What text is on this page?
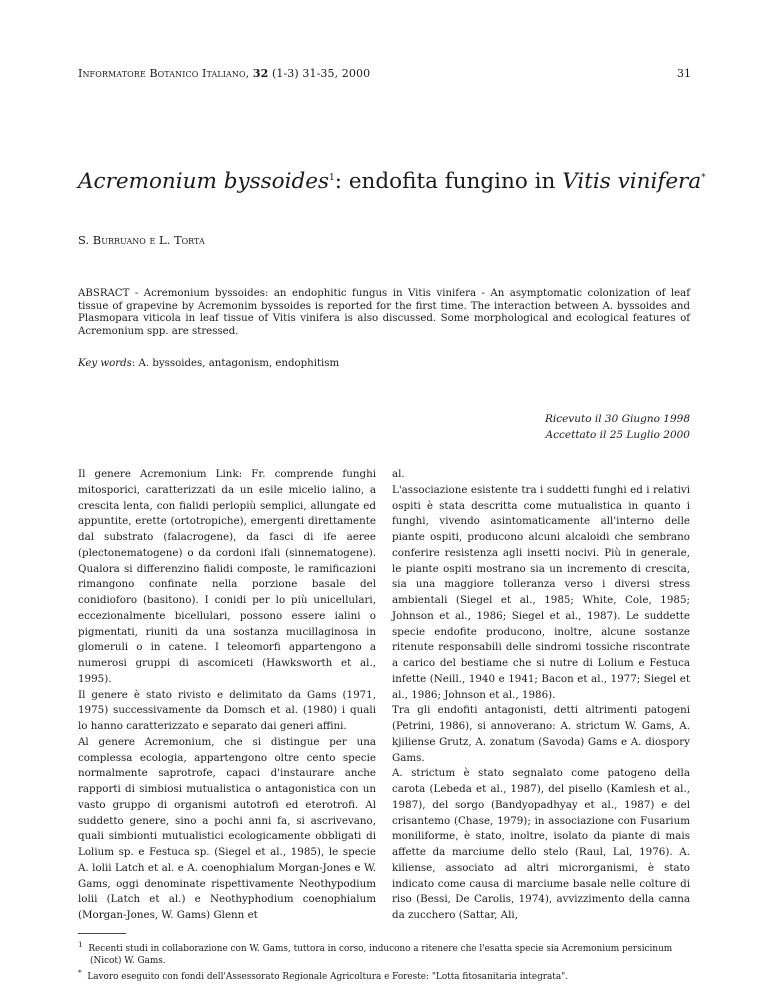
Informatore Botanico Italiano, 32 (1-3) 31-35, 2000	31
Acremonium byssoides$^1$: endofita fungino in Vitis vinifera*
S. Burruano e L. Torta
ABSRACT - Acremonium byssoides: an endophitic fungus in Vitis vinifera - An asymptomatic colonization of leaf tissue of grapevine by Acremonim byssoides is reported for the first time. The interaction between A. byssoides and Plasmopara viticola in leaf tissue of Vitis vinifera is also discussed. Some morphological and ecological features of Acremonium spp. are stressed.
Key words: A. byssoides, antagonism, endophitism
Ricevuto il 30 Giugno 1998
Accettato il 25 Luglio 2000

Il genere Acremonium Link: Fr. comprende funghi mitosporici, caratterizzati da un esile micelio ialino, a crescita lenta, con fialidi perlopiù semplici, allungate ed appuntite, erette (ortotropiche), emergenti direttamente dal substrato (falacrogene), da fasci di ife aeree (plectonematogene) o da cordoni ifali (sinnematogene). Qualora si differenzino fialidi composte, le ramificazioni rimangono confinate nella porzione basale del conidioforo (basitono). I conidi per lo più unicellulari, eccezionalmente bicellulari, possono essere ialini o pigmentati, riuniti da una sostanza mucillaginosa in glomeruli o in catene. I teleomorfi appartengono a numerosi gruppi di ascomiceti (Hawksworth et al., 1995).

Il genere è stato rivisto e delimitato da Gams (1971, 1975) successivamente da Domsch et al. (1980) i quali lo hanno caratterizzato e separato dai generi affini.

Al genere Acremonium, che si distingue per una complessa ecologia, appartengono oltre cento specie normalmente saprotrofe, capaci d'instaurare anche rapporti di simbiosi mutualistica o antagonistica con un vasto gruppo di organismi autotrofi ed eterotrofi. Al suddetto genere, sino a pochi anni fa, si ascrivevano, quali simbionti mutualistici ecologicamente obbligati di Lolium sp. e Festuca sp. (Siegel et al., 1985), le specie A. lolii Latch et al. e A. coenophialum Morgan-Jones e W. Gams, oggi denominate rispettivamente Neothypodium lolii (Latch et al.) e Neothyphodium coenophialum (Morgan-Jones, W. Gams) Glenn et

al.

L'associazione esistente tra i suddetti funghi ed i relativi ospiti è stata descritta come mutualistica in quanto i funghi, vivendo asintomaticamente all'interno delle piante ospiti, producono alcuni alcaloidi che sembrano conferire resistenza agli insetti nocivi. Più in generale, le piante ospiti mostrano sia un incremento di crescita, sia una maggiore tolleranza verso i diversi stress ambientali (Siegel et al., 1985; White, Cole, 1985; Johnson et al., 1986; Siegel et al., 1987). Le suddette specie endofite producono, inoltre, alcune sostanze ritenute responsabili delle sindromi tossiche riscontrate a carico del bestiame che si nutre di Lolium e Festuca infette (Neill., 1940 e 1941; Bacon et al., 1977; Siegel et al., 1986; Johnson et al., 1986).

Tra gli endofiti antagonisti, detti altrimenti patogeni (Petrini, 1986), si annoverano: A. strictum W. Gams, A. kjiliense Grutz, A. zonatum (Savoda) Gams e A. diospory Gams.

A. strictum è stato segnalato come patogeno della carota (Lebeda et al., 1987), del pisello (Kamlesh et al., 1987), del sorgo (Bandyopadhyay et al., 1987) e del crisantemo (Chase, 1979); in associazione con Fusarium moniliforme, è stato, inoltre, isolato da piante di mais affette da marciume dello stelo (Raul, Lal, 1976). A. kiliense, associato ad altri microrganismi, è stato indicato come causa di marciume basale nelle colture di riso (Bessi, De Carolis, 1974), avvizzimento della canna da zucchero (Sattar, Ali,

$^1$ Recenti studi in collaborazione con W. Gams, tuttora in corso, inducono a ritenere che l'esatta specie sia Acremonium persicinum (Nicot) W. Gams.

* Lavoro eseguito con fondi dell'Assessorato Regionale Agricoltura e Foreste: "Lotta fitosanitaria integrata".
